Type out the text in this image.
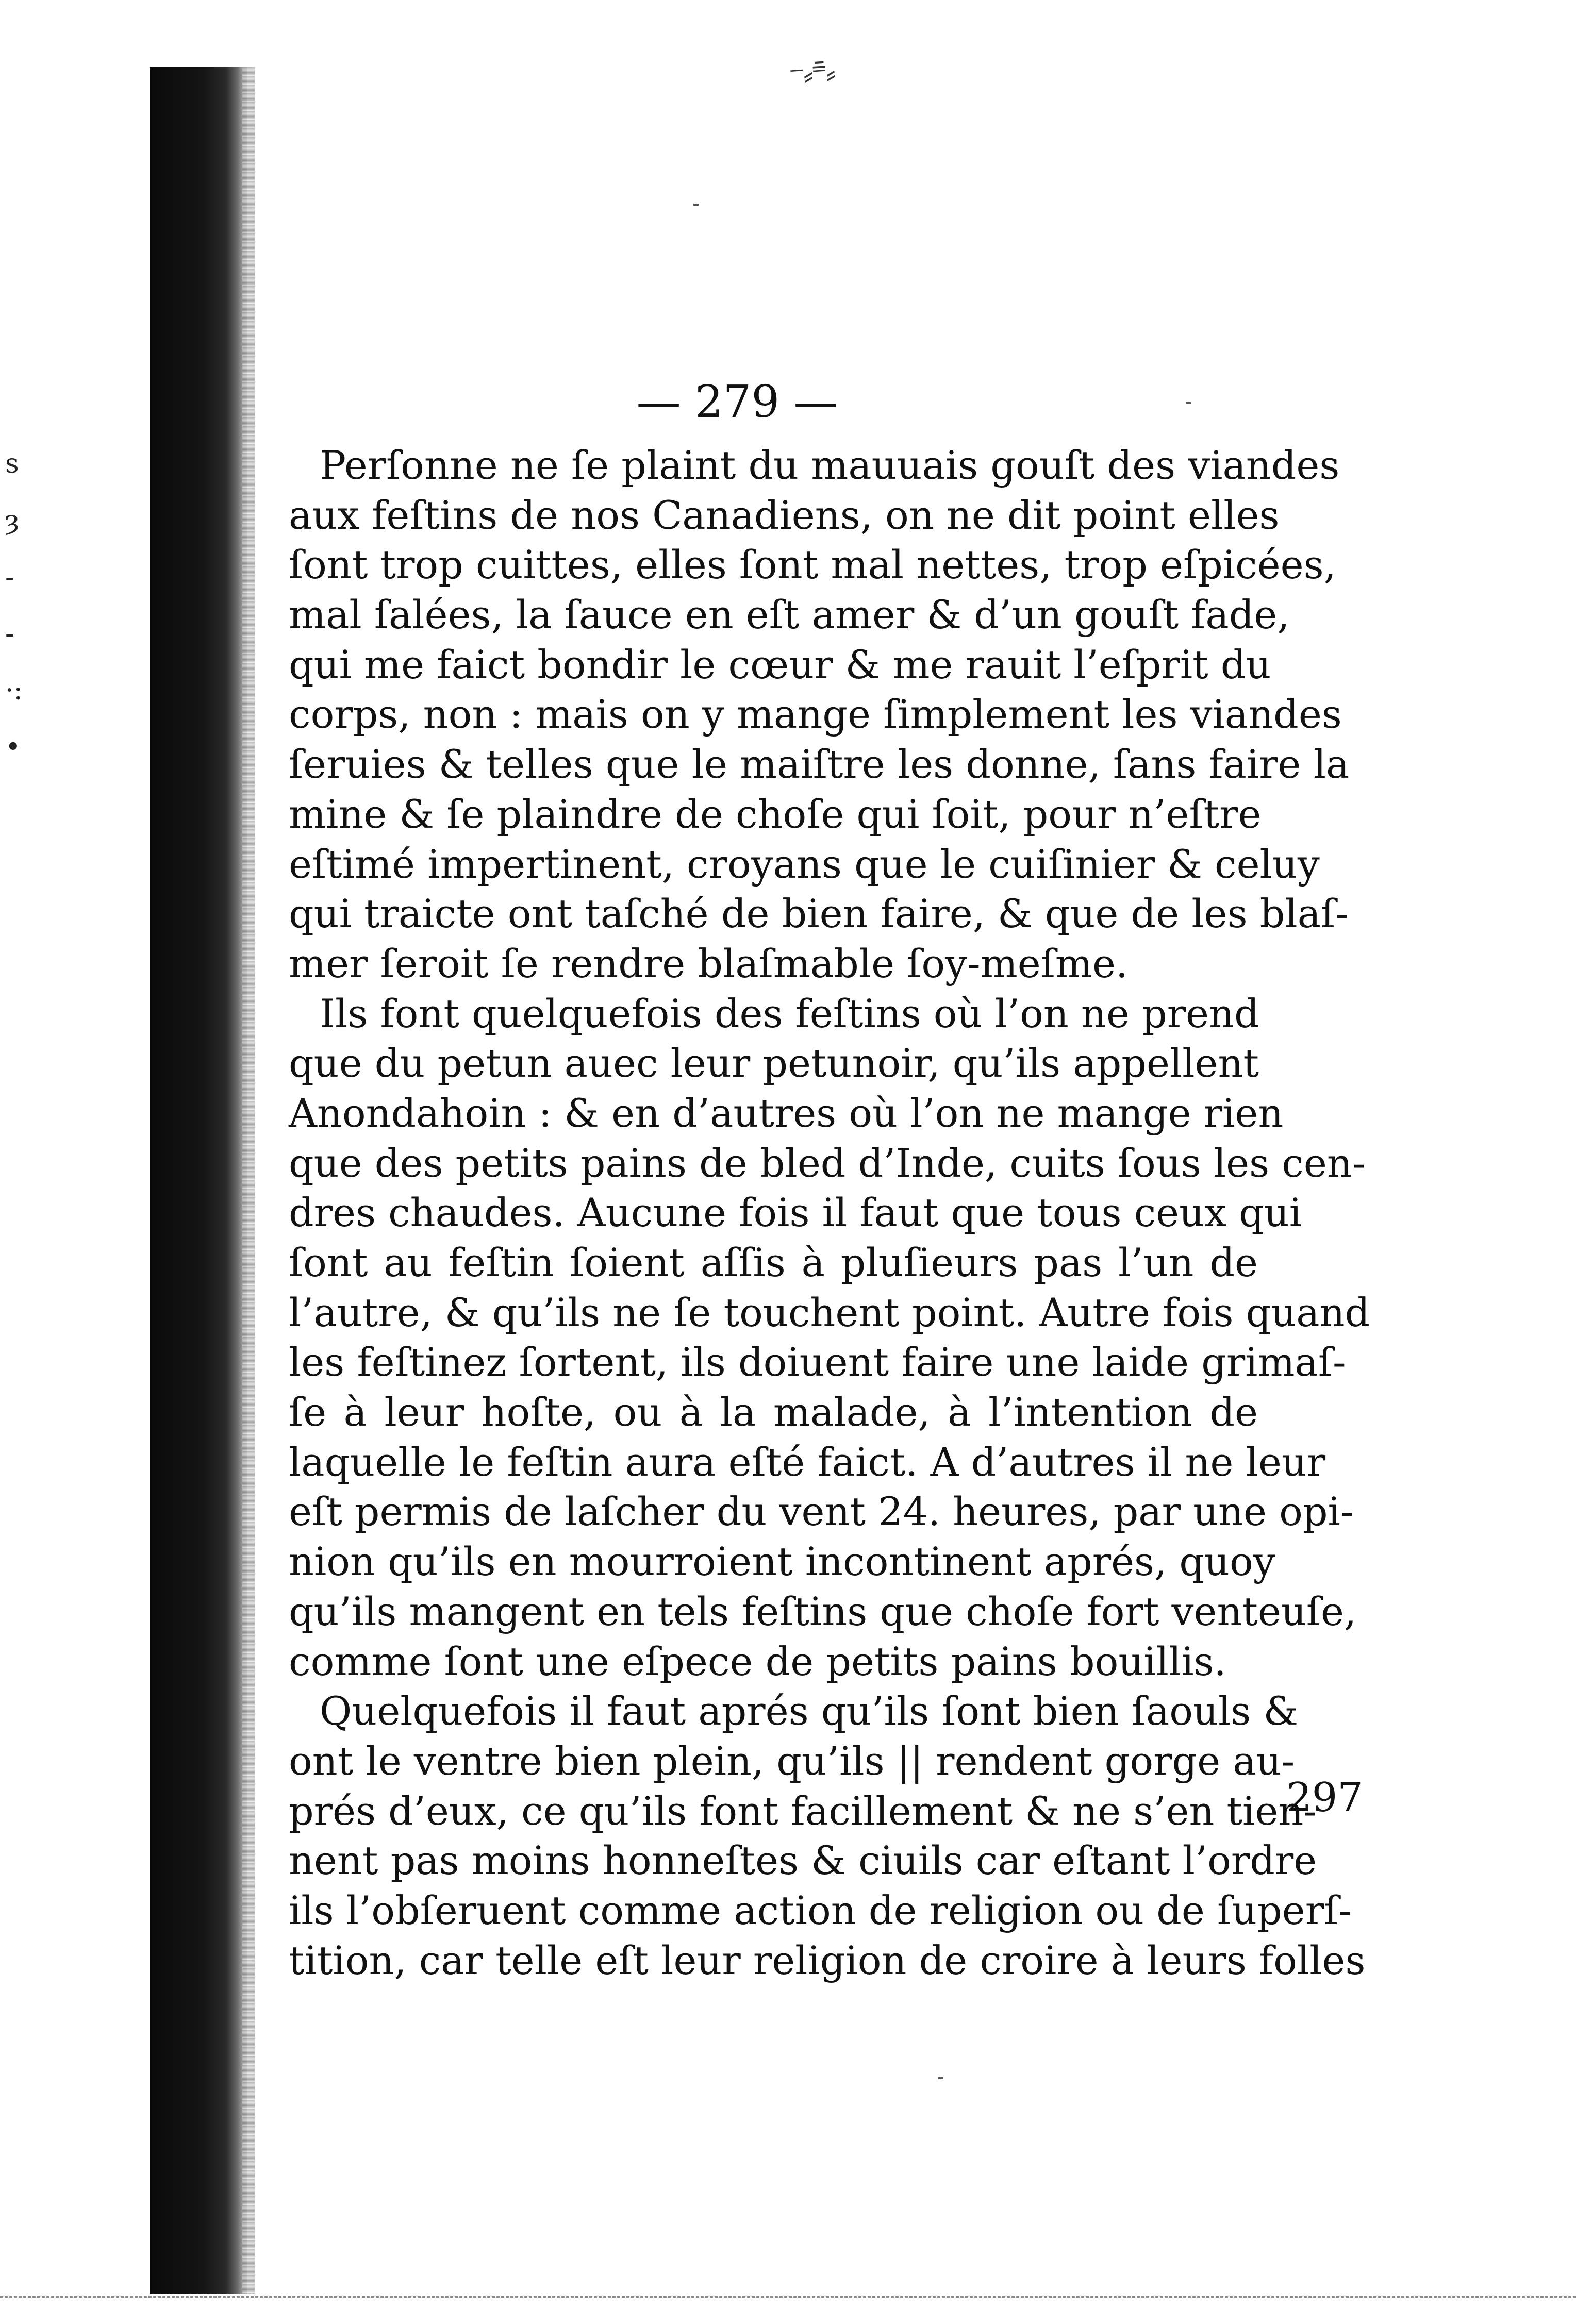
⁻⸗⁼̄⸗
s
ȝ
-
-
·:
•
— 279 —
Perſonne ne ſe plaint du mauuais gouſt des viandes
aux feſtins de nos Canadiens, on ne dit point elles
ſont trop cuittes, elles ſont mal nettes, trop eſpicées,
mal ſalées, la ſauce en eſt amer & d’un gouſt fade,
qui me faict bondir le cœur & me rauit l’eſprit du
corps, non : mais on y mange ſimplement les viandes
ſeruies & telles que le maiſtre les donne, ſans faire la
mine & ſe plaindre de choſe qui ſoit, pour n’eſtre
eſtimé impertinent, croyans que le cuiſinier & celuy
qui traicte ont taſché de bien faire, & que de les blaſ-
mer ſeroit ſe rendre blaſmable ſoy-meſme.
Ils font quelquefois des feſtins où l’on ne prend
que du petun auec leur petunoir, qu’ils appellent
Anondahoin : & en d’autres où l’on ne mange rien
que des petits pains de bled d’Inde, cuits ſous les cen-
dres chaudes. Aucune fois il faut que tous ceux qui
ſont au feſtin ſoient aſſis à pluſieurs pas l’un de
l’autre, & qu’ils ne ſe touchent point. Autre fois quand
les feſtinez ſortent, ils doiuent faire une laide grimaſ-
ſe à leur hoſte, ou à la malade, à l’intention de
laquelle le feſtin aura eſté faict. A d’autres il ne leur
eſt permis de laſcher du vent 24. heures, par une opi-
nion qu’ils en mourroient incontinent aprés, quoy
qu’ils mangent en tels feſtins que choſe fort venteuſe,
comme ſont une eſpece de petits pains bouillis.
Quelquefois il faut aprés qu’ils ſont bien ſaouls &
ont le ventre bien plein, qu’ils || rendent gorge au-
prés d’eux, ce qu’ils font facillement & ne s’en tien-
nent pas moins honneſtes & ciuils car eſtant l’ordre
ils l’obſeruent comme action de religion ou de ſuperſ-
tition, car telle eſt leur religion de croire à leurs folles
297
